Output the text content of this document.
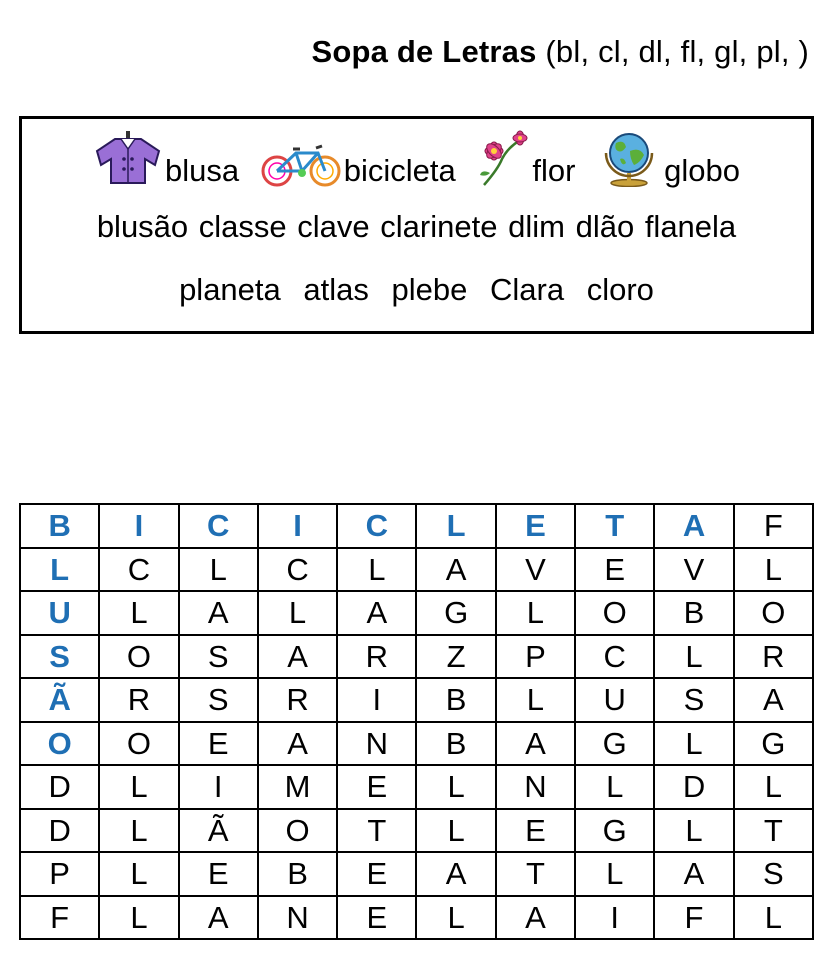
Sopa de Letras (bl, cl, dl, fl, gl, pl, )
blusa
	bicicleta
flor
	globo
blusão classe clave clarinete dlim dlão flanela
planeta atlas plebe Clara cloro
B	I	C	I	C	L	E	T	A	F
L	C	L	C	L	A	V	E	V	L
U	L	A	L	A	G	L	O	B	O
S	O	S	A	R	Z	P	C	L	R
Ã	R	S	R	I	B	L	U	S	A
O	O	E	A	N	B	A	G	L	G
D	L	I	M	E	L	N	L	D	L
D	L	Ã	O	T	L	E	G	L	T
P	L	E	B	E	A	T	L	A	S
F	L	A	N	E	L	A	I	F	L
